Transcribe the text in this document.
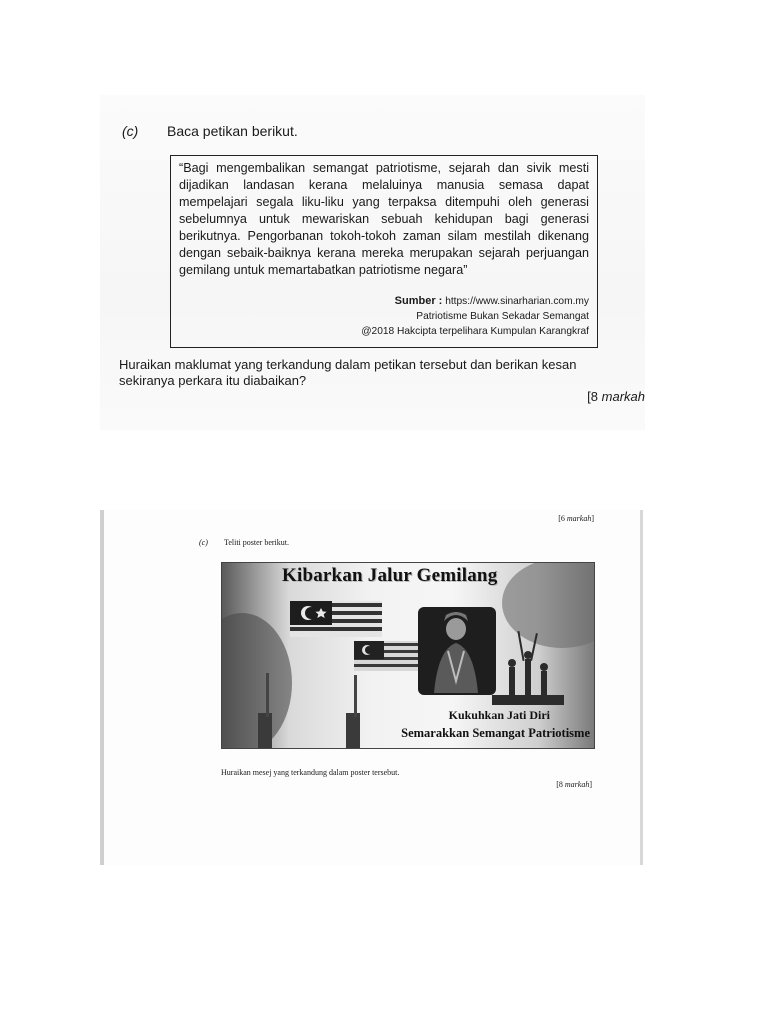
(c) Baca petikan berikut.

“Bagi mengembalikan semangat patriotisme, sejarah dan sivik mesti dijadikan landasan kerana melaluinya manusia semasa dapat mempelajari segala liku-liku yang terpaksa ditempuhi oleh generasi sebelumnya untuk mewariskan sebuah kehidupan bagi generasi berikutnya. Pengorbanan tokoh-tokoh zaman silam mestilah dikenang dengan sebaik-baiknya kerana mereka merupakan sejarah perjuangan gemilang untuk memartabatkan patriotisme negara”

Sumber : https://www.sinarharian.com.my
Patriotisme Bukan Sekadar Semangat
@2018 Hakcipta terpelihara Kumpulan Karangkraf
Huraikan maklumat yang terkandung dalam petikan tersebut dan berikan kesan sekiranya perkara itu diabaikan?
[8 markah
[6 markah]
(c) Teliti poster berikut.
Kibarkan Jalur Gemilang
Kukuhkan Jati Diri
Semarakkan Semangat Patriotisme
Huraikan mesej yang terkandung dalam poster tersebut.
[8 markah]
